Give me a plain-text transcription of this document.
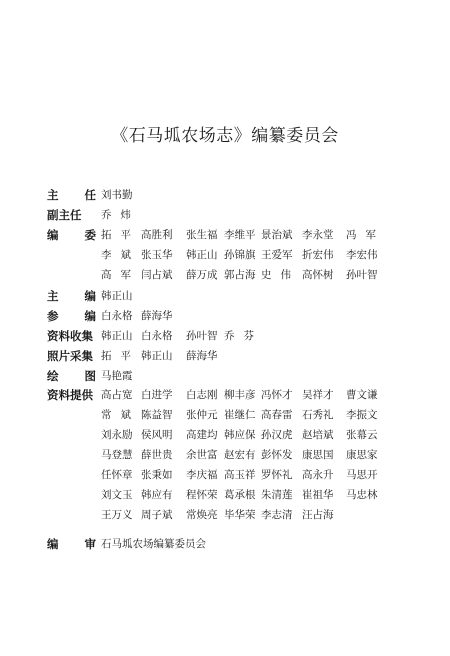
《石马坬农场志》编纂委员会
主 任 刘书勤
副主任	乔 炜
编 委 拓 平 高胜利 张生福 李维平 景治斌 李永堂 冯 军
李 斌 张玉华 韩正山 孙锦旗 王爱军 折宏伟 李宏伟
高 军 闫占斌 薛万成 郭占海 史 伟 高怀树 孙叶智
主 编 韩正山
参 编 白永格 薛海华
资料收集 韩正山 白永格 孙叶智 乔 芬
照片采集 拓 平 韩正山 薛海华
绘 图 马艳霞
资料提供 高占宽 白进学 白志刚 柳丰彦 冯怀才 吴祥才 曹文谦
常 斌 陈益智 张仲元 崔继仁 高春雷 石秀礼 李振文
刘永励 侯风明 高建均 韩应保 孙汉虎 赵培斌 张幕云
马登慧 薛世贵 余世富 赵宏有 彭怀发 康思国 康思家
任怀章 张秉如 李庆福 高玉祥 罗怀礼 高永升 马思开
刘文玉 韩应有 程怀荣 葛承根 朱清莲 崔祖华 马忠林
王万义 周子斌 常焕亮 毕华荣 李志清 汪占海
编 审 石马坬农场编纂委员会
